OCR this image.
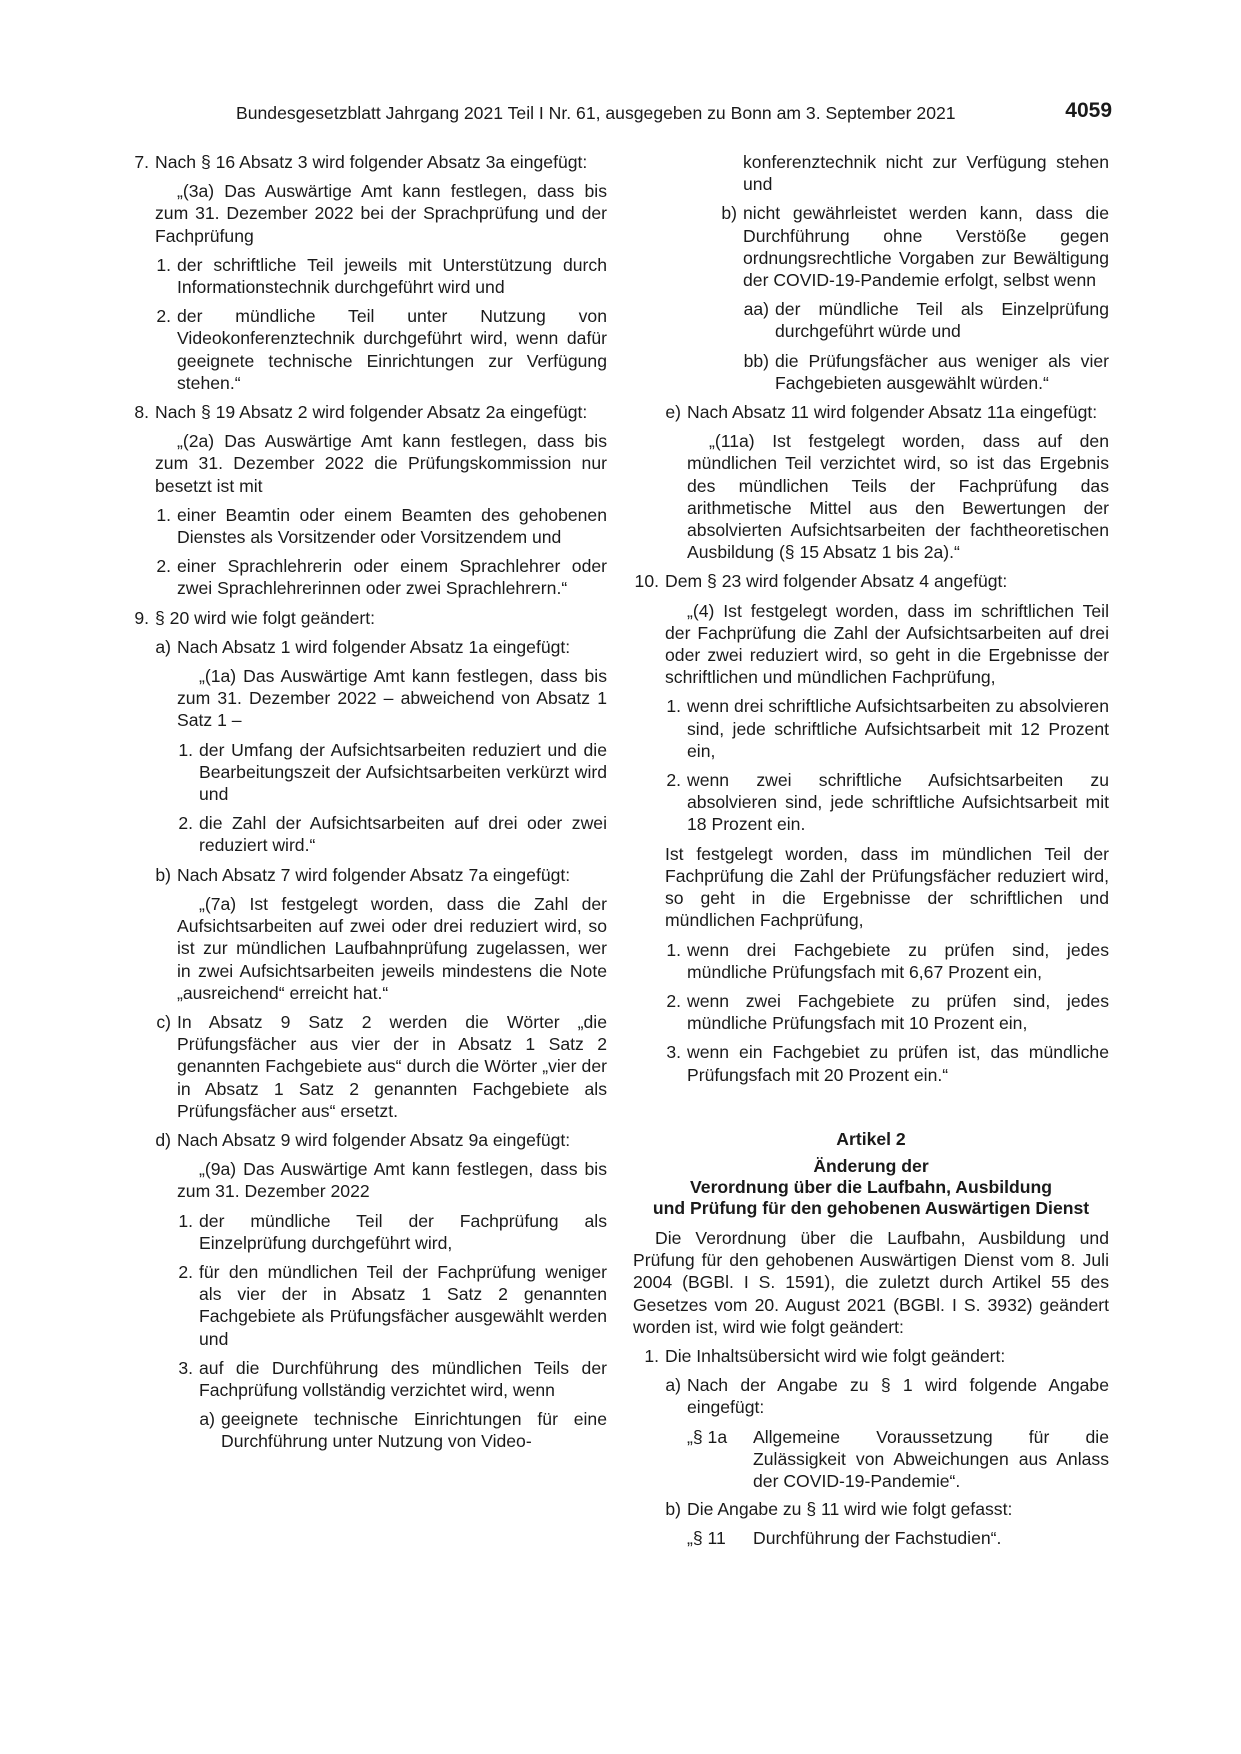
Bundesgesetzblatt Jahrgang 2021 Teil I Nr. 61, ausgegeben zu Bonn am 3. September 2021	4059
7. Nach § 16 Absatz 3 wird folgender Absatz 3a eingefügt:

„(3a) Das Auswärtige Amt kann festlegen, dass bis zum 31. Dezember 2022 bei der Sprachprüfung und der Fachprüfung

1. der schriftliche Teil jeweils mit Unterstützung durch Informationstechnik durchgeführt wird und
2. der mündliche Teil unter Nutzung von Videokonferenztechnik durchgeführt wird, wenn dafür geeignete technische Einrichtungen zur Verfügung stehen.“
8. Nach § 19 Absatz 2 wird folgender Absatz 2a eingefügt:

„(2a) Das Auswärtige Amt kann festlegen, dass bis zum 31. Dezember 2022 die Prüfungskommission nur besetzt ist mit

1. einer Beamtin oder einem Beamten des gehobenen Dienstes als Vorsitzender oder Vorsitzendem und
2. einer Sprachlehrerin oder einem Sprachlehrer oder zwei Sprachlehrerinnen oder zwei Sprachlehrern.“
9. § 20 wird wie folgt geändert:
a) Nach Absatz 1 wird folgender Absatz 1a eingefügt:

„(1a) Das Auswärtige Amt kann festlegen, dass bis zum 31. Dezember 2022 – abweichend von Absatz 1 Satz 1 –

1. der Umfang der Aufsichtsarbeiten reduziert und die Bearbeitungszeit der Aufsichtsarbeiten verkürzt wird und
2. die Zahl der Aufsichtsarbeiten auf drei oder zwei reduziert wird.“
b) Nach Absatz 7 wird folgender Absatz 7a eingefügt:

„(7a) Ist festgelegt worden, dass die Zahl der Aufsichtsarbeiten auf zwei oder drei reduziert wird, so ist zur mündlichen Laufbahnprüfung zugelassen, wer in zwei Aufsichtsarbeiten jeweils mindestens die Note „ausreichend“ erreicht hat.“

c) In Absatz 9 Satz 2 werden die Wörter „die Prüfungsfächer aus vier der in Absatz 1 Satz 2 genannten Fachgebiete aus“ durch die Wörter „vier der in Absatz 1 Satz 2 genannten Fachgebiete als Prüfungsfächer aus“ ersetzt.
d) Nach Absatz 9 wird folgender Absatz 9a eingefügt:

„(9a) Das Auswärtige Amt kann festlegen, dass bis zum 31. Dezember 2022

1. der mündliche Teil der Fachprüfung als Einzelprüfung durchgeführt wird,
2. für den mündlichen Teil der Fachprüfung weniger als vier der in Absatz 1 Satz 2 genannten Fachgebiete als Prüfungsfächer ausgewählt werden und
3. auf die Durchführung des mündlichen Teils der Fachprüfung vollständig verzichtet wird, wenn
a) geeignete technische Einrichtungen für eine Durchführung unter Nutzung von Video-

konferenztechnik nicht zur Verfügung stehen und

b) nicht gewährleistet werden kann, dass die Durchführung ohne Verstöße gegen ordnungsrechtliche Vorgaben zur Bewältigung der COVID-19-Pandemie erfolgt, selbst wenn
aa) der mündliche Teil als Einzelprüfung durchgeführt würde und
bb) die Prüfungsfächer aus weniger als vier Fachgebieten ausgewählt würden.“
e) Nach Absatz 11 wird folgender Absatz 11a eingefügt:

„(11a) Ist festgelegt worden, dass auf den mündlichen Teil verzichtet wird, so ist das Ergebnis des mündlichen Teils der Fachprüfung das arithmetische Mittel aus den Bewertungen der absolvierten Aufsichtsarbeiten der fachtheoretischen Ausbildung (§ 15 Absatz 1 bis 2a).“

10. Dem § 23 wird folgender Absatz 4 angefügt:

„(4) Ist festgelegt worden, dass im schriftlichen Teil der Fachprüfung die Zahl der Aufsichtsarbeiten auf drei oder zwei reduziert wird, so geht in die Ergebnisse der schriftlichen und mündlichen Fachprüfung,

1. wenn drei schriftliche Aufsichtsarbeiten zu absolvieren sind, jede schriftliche Aufsichtsarbeit mit 12 Prozent ein,
2. wenn zwei schriftliche Aufsichtsarbeiten zu absolvieren sind, jede schriftliche Aufsichtsarbeit mit 18 Prozent ein.

Ist festgelegt worden, dass im mündlichen Teil der Fachprüfung die Zahl der Prüfungsfächer reduziert wird, so geht in die Ergebnisse der schriftlichen und mündlichen Fachprüfung,

1. wenn drei Fachgebiete zu prüfen sind, jedes mündliche Prüfungsfach mit 6,67 Prozent ein,
2. wenn zwei Fachgebiete zu prüfen sind, jedes mündliche Prüfungsfach mit 10 Prozent ein,
3. wenn ein Fachgebiet zu prüfen ist, das mündliche Prüfungsfach mit 20 Prozent ein.“
Artikel 2
Änderung der
Verordnung über die Laufbahn, Ausbildung
und Prüfung für den gehobenen Auswärtigen Dienst

Die Verordnung über die Laufbahn, Ausbildung und Prüfung für den gehobenen Auswärtigen Dienst vom 8. Juli 2004 (BGBl. I S. 1591), die zuletzt durch Artikel 55 des Gesetzes vom 20. August 2021 (BGBl. I S. 3932) geändert worden ist, wird wie folgt geändert:

1. Die Inhaltsübersicht wird wie folgt geändert:
a) Nach der Angabe zu § 1 wird folgende Angabe eingefügt:
„§ 1a	Allgemeine Voraussetzung für die Zulässigkeit von Abweichungen aus Anlass der COVID-19-Pandemie“.
b) Die Angabe zu § 11 wird wie folgt gefasst:
„§ 11	Durchführung der Fachstudien“.
